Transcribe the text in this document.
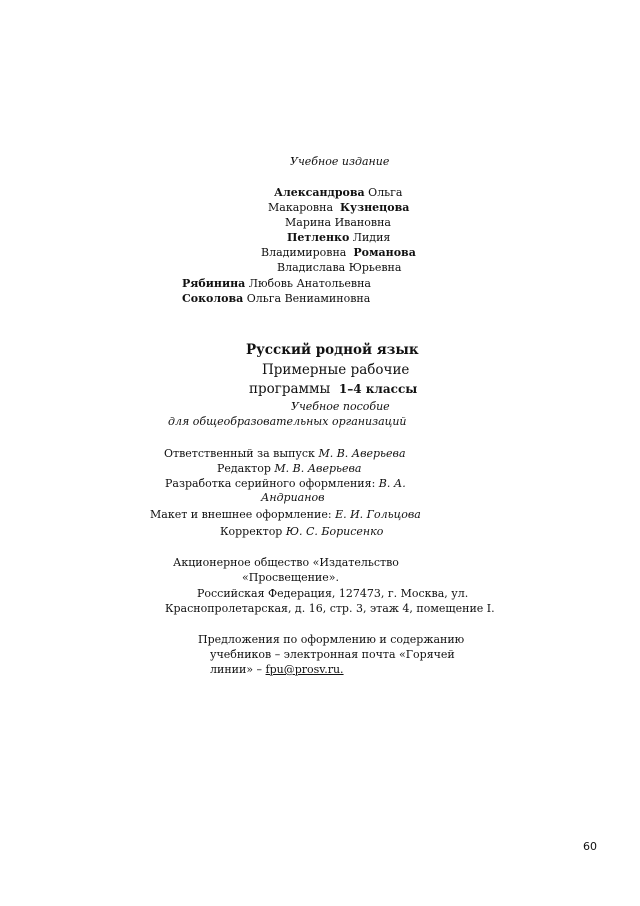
Учебное издание
Александрова Ольга
Макаровна Кузнецова
Марина Ивановна
Петленко Лидия
Владимировна Романова
Владислава Юрьевна
Рябинина Любовь Анатольевна
Соколова Ольга Вениаминовна
Русский родной язык
Примерные рабочие
программы 1–4 классы
Учебное пособие
для общеобразовательных организаций
Ответственный за выпуск М. В. Аверьева
Редактор М. В. Аверьева
Разработка серийного оформления: В. А.
Андрианов
Макет и внешнее оформление: Е. И. Гольцова
Корректор Ю. С. Борисенко
Акционерное общество «Издательство
«Просвещение».
Российская Федерация, 127473, г. Москва, ул.
Краснопролетарская, д. 16, стр. 3, этаж 4, помещение I.
Предложения по оформлению и содержанию
учебников – электронная почта «Горячей
линии» – fpu@prosv.ru.
60
